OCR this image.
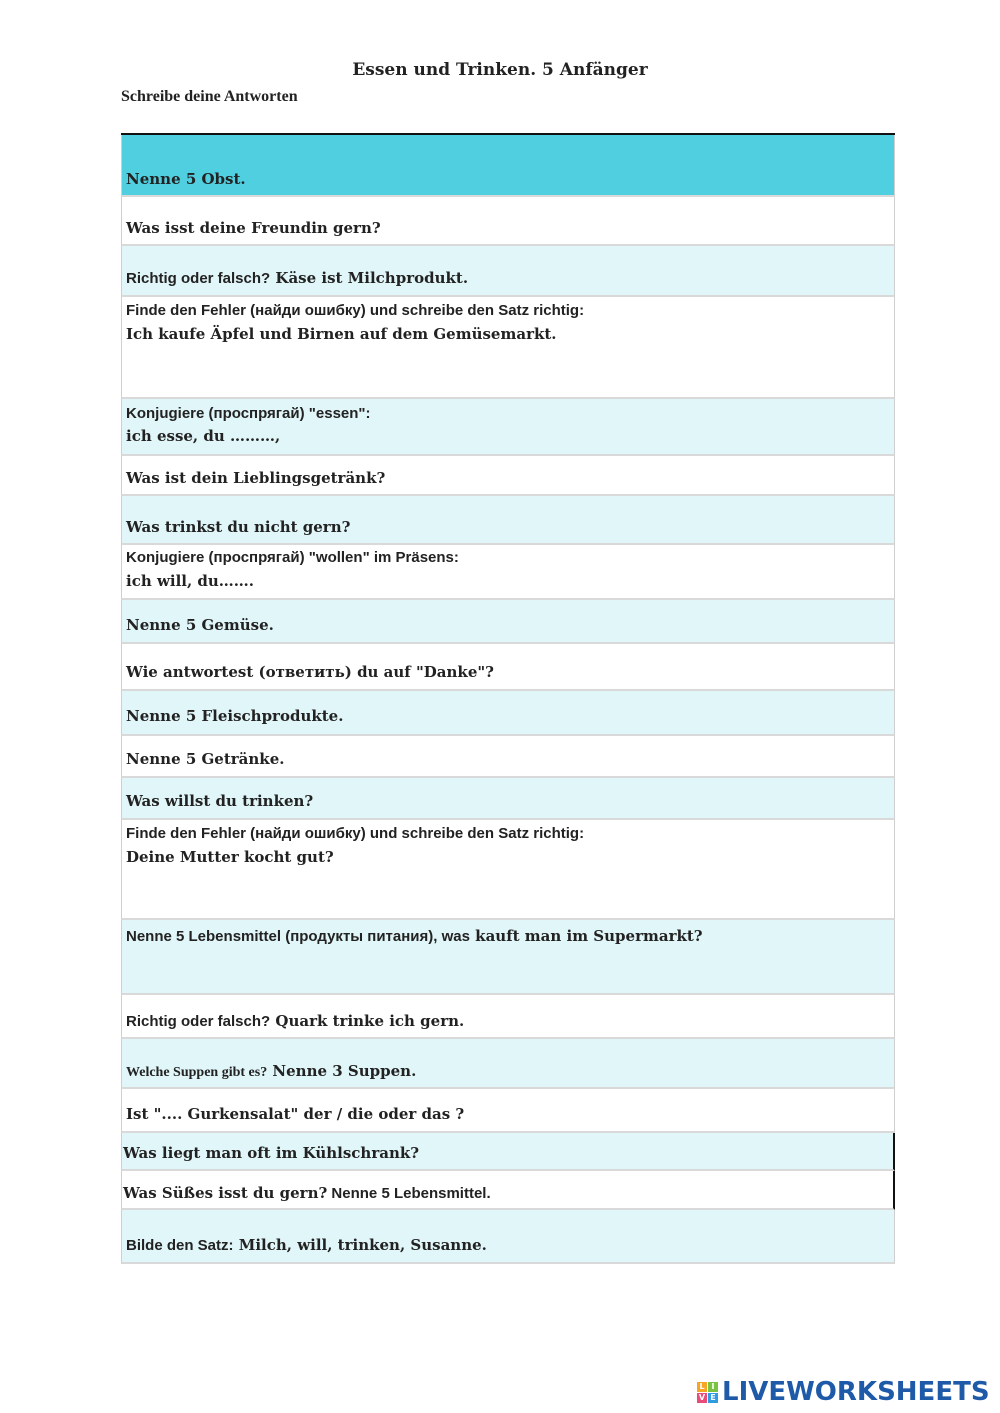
Essen und Trinken. 5 Anfänger
Schreibe deine Antworten
Nenne 5 Obst.
Was isst deine Freundin gern?
Richtig oder falsch? Käse ist Milchprodukt.
Finde den Fehler (найди ошибку) und schreibe den Satz richtig:
Ich kaufe Äpfel und Birnen auf dem Gemüsemarkt.
Konjugiere (проспрягай) "essen":
ich esse, du ………,
Was ist dein Lieblingsgetränk?
Was trinkst du nicht gern?
Konjugiere (проспрягай) "wollen" im Präsens:
ich will, du…….
Nenne 5 Gemüse.
Wie antwortest (ответить) du auf "Danke"?
Nenne 5 Fleischprodukte.
Nenne 5 Getränke.
Was willst du trinken?
Finde den Fehler (найди ошибку) und schreibe den Satz richtig:
Deine Mutter kocht gut?
Nenne 5 Lebensmittel (продукты питания), was kauft man im Supermarkt?
Richtig oder falsch? Quark trinke ich gern.
Welche Suppen gibt es? Nenne 3 Suppen.
Ist ".... Gurkensalat" der / die oder das ?
Was liegt man oft im Kühlschrank?
Was Süßes isst du gern? Nenne 5 Lebensmittel.
Bilde den Satz: Milch, will, trinken, Susanne.
L I
V E LIVEWORKSHEETS
